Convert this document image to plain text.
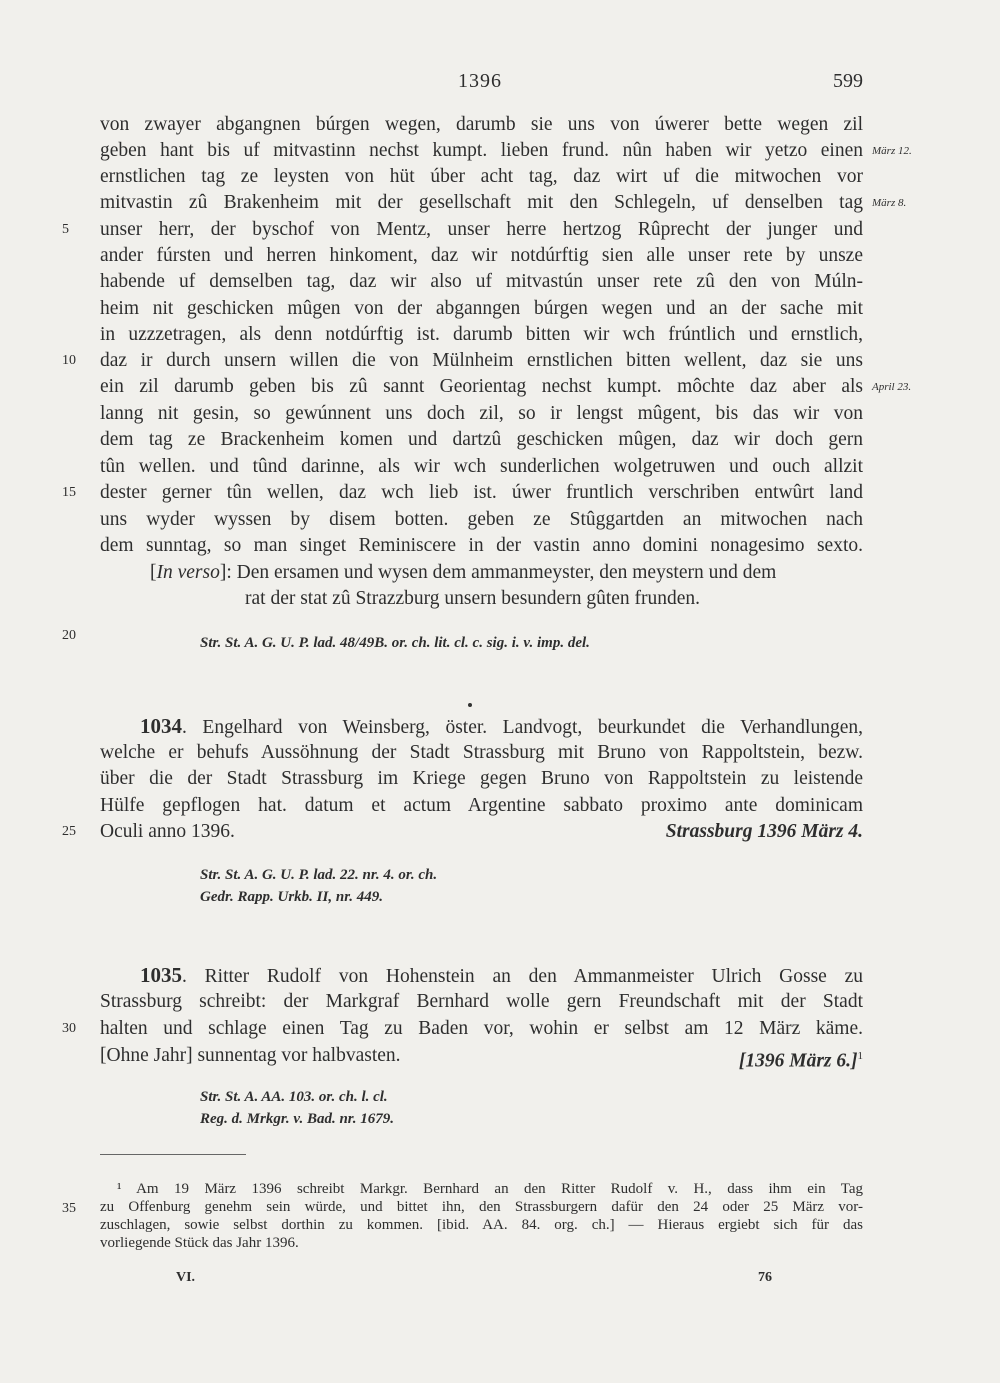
1396	599
von zwayer abgangnen búrgen wegen, darumb sie uns von úwerer bette wegen zil
geben hant bis uf mitvastinn nechst kumpt. lieben frund. nûn haben wir yetzo einen
ernstlichen tag ze leysten von hüt úber acht tag, daz wirt uf die mitwochen vor
mitvastin zû Brakenheim mit der gesellschaft mit den Schlegeln, uf denselben tag
unser herr, der byschof von Mentz, unser herre hertzog Rûprecht der junger und
ander fúrsten und herren hinkoment, daz wir notdúrftig sien alle unser rete by unsze
habende uf demselben tag, daz wir also uf mitvastún unser rete zû den von Múln-
heim nit geschicken mûgen von der abganngen búrgen wegen und an der sache mit
in uzzzetragen, als denn notdúrftig ist. darumb bitten wir wch frúntlich und ernstlich,
daz ir durch unsern willen die von Mülnheim ernstlichen bitten wellent, daz sie uns
ein zil darumb geben bis zû sannt Georientag nechst kumpt. môchte daz aber als
lanng nit gesin, so gewúnnent uns doch zil, so ir lengst mûgent, bis das wir von
dem tag ze Brackenheim komen und dartzû geschicken mûgen, daz wir doch gern
tûn wellen. und tûnd darinne, als wir wch sunderlichen wolgetruwen und ouch allzit
dester gerner tûn wellen, daz wch lieb ist. úwer fruntlich verschriben entwûrt land
uns wyder wyssen by disem botten. geben ze Stûggartden an mitwochen nach
dem sunntag, so man singet Reminiscere in der vastin anno domini nonagesimo sexto.
[In verso]: Den ersamen und wysen dem ammanmeyster, den meystern und dem
rat der stat zû Strazzburg unsern besundern gûten frunden.
5
10
15
20
25
30
35
März 12.
März 8.
April 23.
Str. St. A. G. U. P. lad. 48/49B. or. ch. lit. cl. c. sig. i. v. imp. del.
1034. Engelhard von Weinsberg, öster. Landvogt, beurkundet die Verhandlungen,
welche er behufs Aussöhnung der Stadt Strassburg mit Bruno von Rappoltstein, bezw.
über die der Stadt Strassburg im Kriege gegen Bruno von Rappoltstein zu leistende
Hülfe gepflogen hat. datum et actum Argentine sabbato proximo ante dominicam
Oculi anno 1396.	Strassburg 1396 März 4.
Str. St. A. G. U. P. lad. 22. nr. 4. or. ch.
Gedr. Rapp. Urkb. II, nr. 449.
1035. Ritter Rudolf von Hohenstein an den Ammanmeister Ulrich Gosse zu
Strassburg schreibt: der Markgraf Bernhard wolle gern Freundschaft mit der Stadt
halten und schlage einen Tag zu Baden vor, wohin er selbst am 12 März käme.
[Ohne Jahr] sunnentag vor halbvasten.	[1396 März 6.]$^1$
Str. St. A. AA. 103. or. ch. l. cl.
Reg. d. Mrkgr. v. Bad. nr. 1679.
¹ Am 19 März 1396 schreibt Markgr. Bernhard an den Ritter Rudolf v. H., dass ihm ein Tag
zu Offenburg genehm sein würde, und bittet ihn, den Strassburgern dafür den 24 oder 25 März vor-
zuschlagen, sowie selbst dorthin zu kommen. [ibid. AA. 84. org. ch.] — Hieraus ergiebt sich für das
vorliegende Stück das Jahr 1396.
VI.	76
